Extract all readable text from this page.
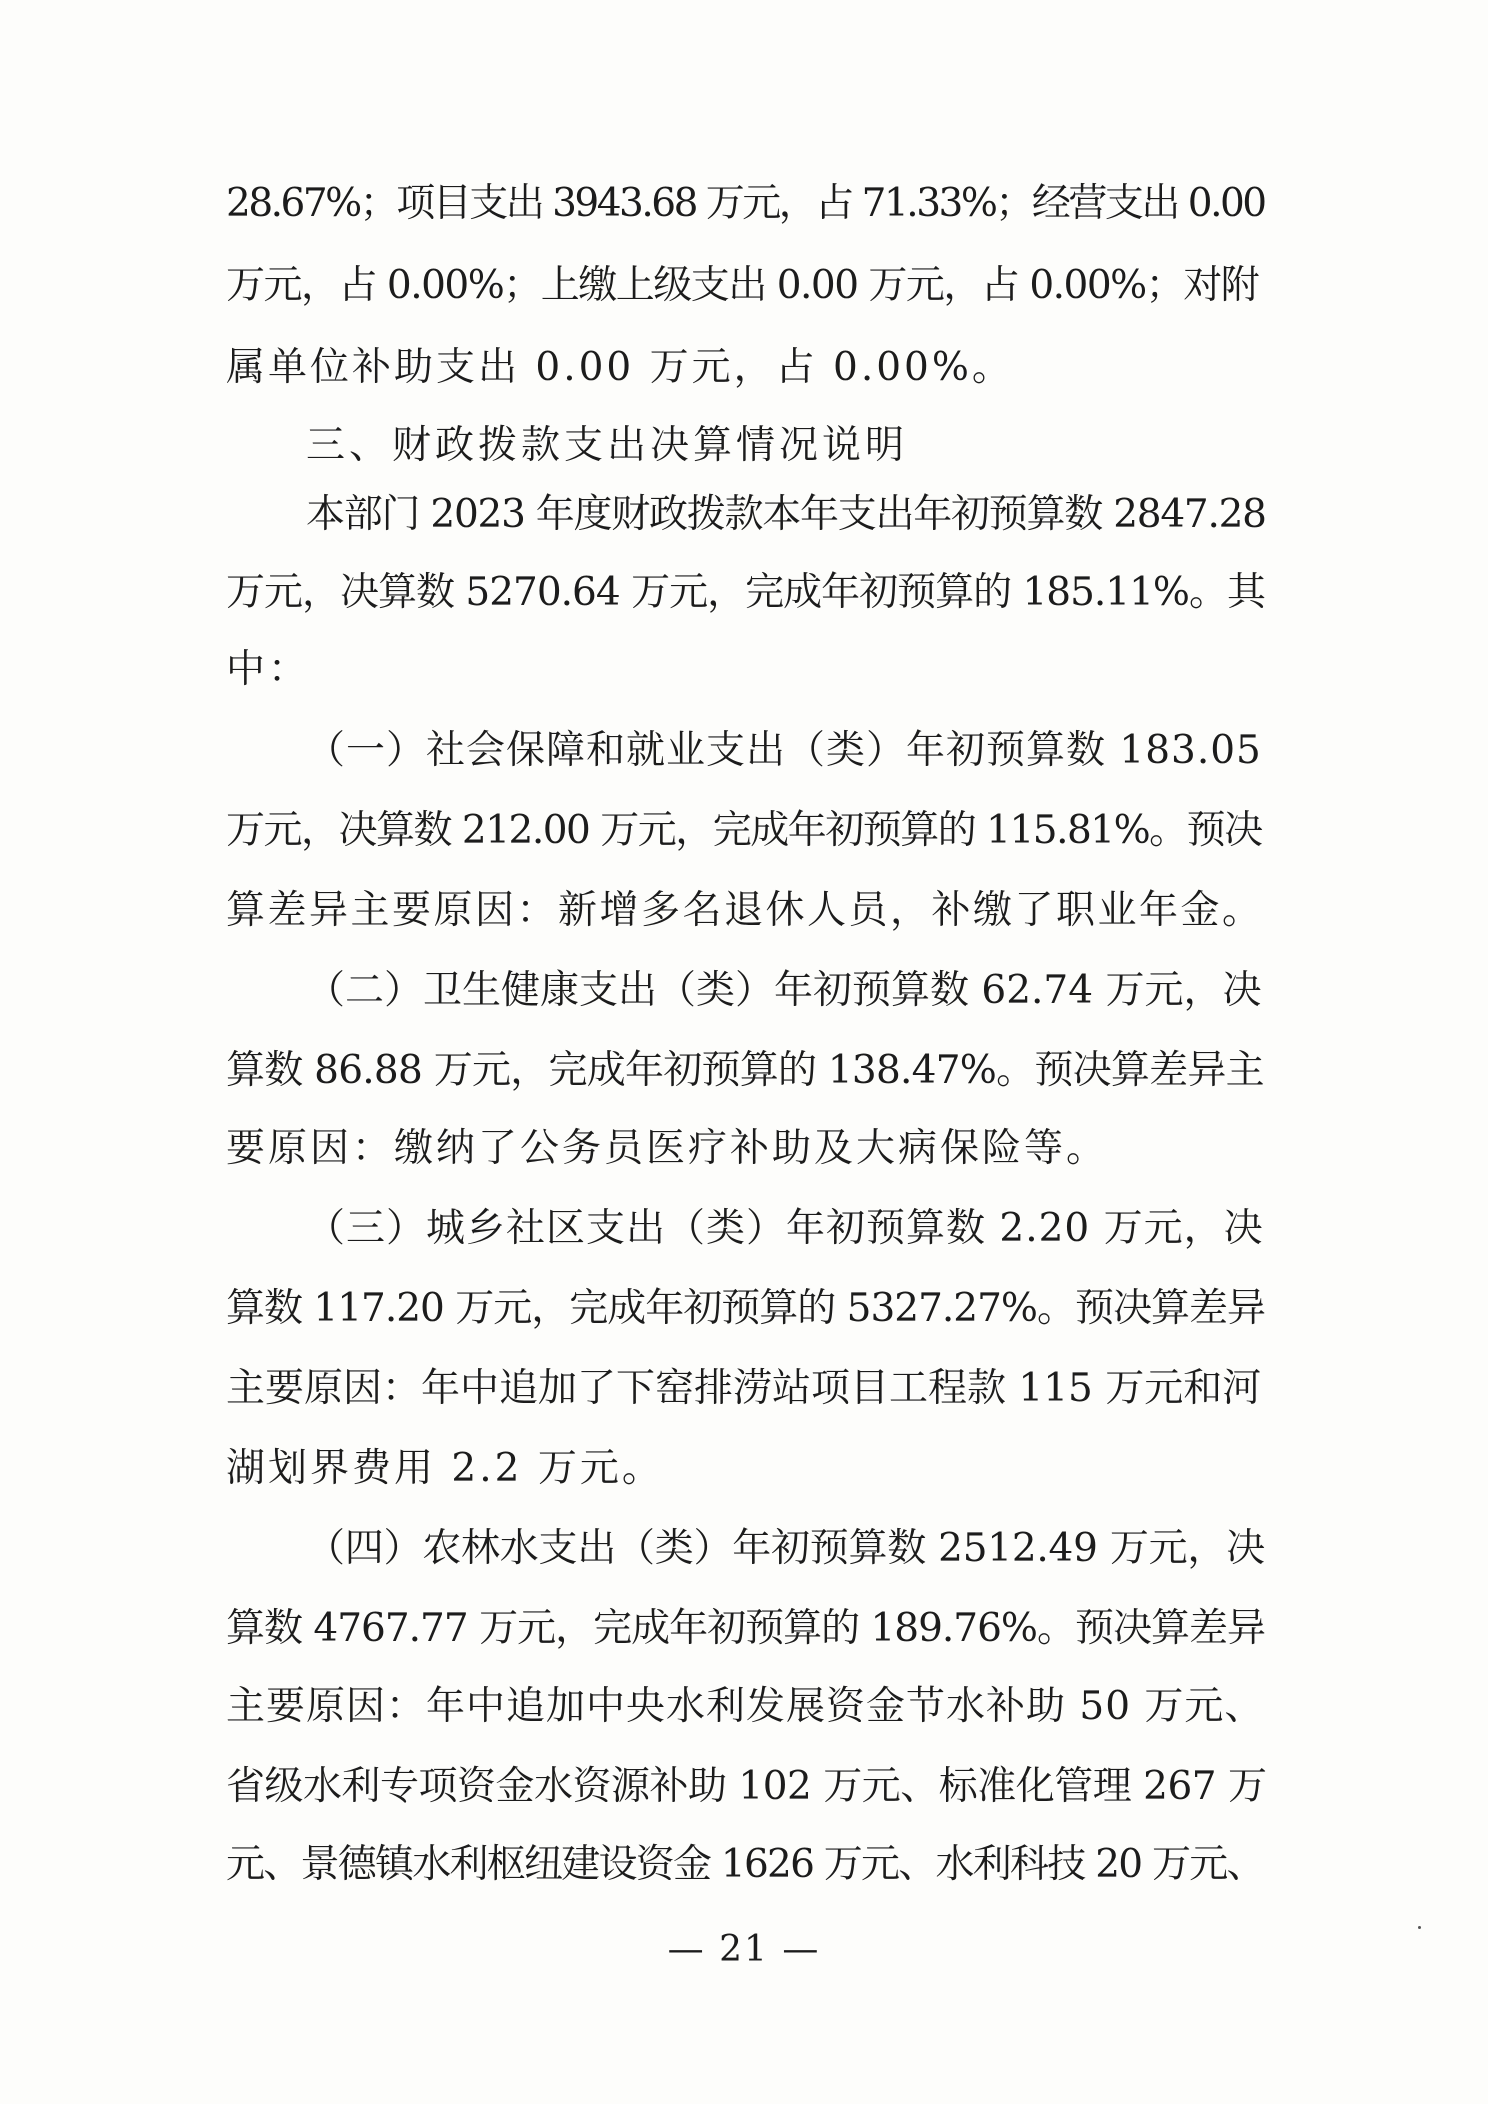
28.67%；项目支出 3943.68 万元，占 71.33%；经营支出 0.00
万元，占 0.00%；上缴上级支出 0.00 万元，占 0.00%；对附
属单位补助支出 0.00 万元，占 0.00%。
三、财政拨款支出决算情况说明
本部门 2023 年度财政拨款本年支出年初预算数 2847.28
万元，决算数 5270.64 万元，完成年初预算的 185.11%。其
中：
（一）社会保障和就业支出（类）年初预算数 183.05
万元，决算数 212.00 万元，完成年初预算的 115.81%。预决
算差异主要原因：新增多名退休人员，补缴了职业年金。
（二）卫生健康支出（类）年初预算数 62.74 万元，决
算数 86.88 万元，完成年初预算的 138.47%。预决算差异主
要原因：缴纳了公务员医疗补助及大病保险等。
（三）城乡社区支出（类）年初预算数 2.20 万元，决
算数 117.20 万元，完成年初预算的 5327.27%。预决算差异
主要原因：年中追加了下窑排涝站项目工程款 115 万元和河
湖划界费用 2.2 万元。
（四）农林水支出（类）年初预算数 2512.49 万元，决
算数 4767.77 万元，完成年初预算的 189.76%。预决算差异
主要原因：年中追加中央水利发展资金节水补助 50 万元、
省级水利专项资金水资源补助 102 万元、标准化管理 267 万
元、景德镇水利枢纽建设资金 1626 万元、水利科技 20 万元、
— 21 —
